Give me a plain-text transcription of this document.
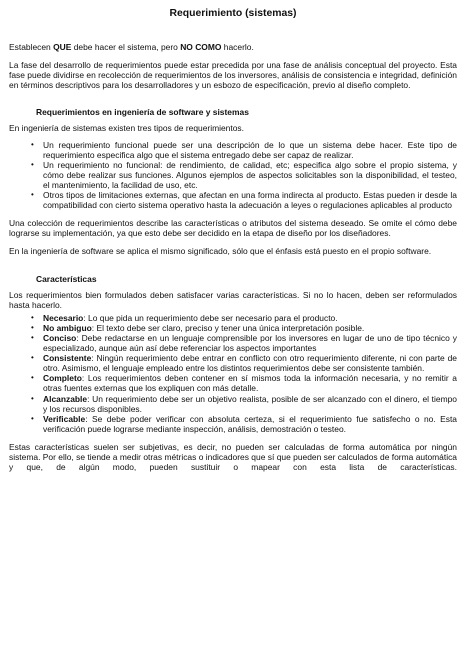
Requerimiento (sistemas)

Establecen QUE debe hacer el sistema, pero NO COMO hacerlo.

La fase del desarrollo de requerimientos puede estar precedida por una fase de análisis conceptual del proyecto. Esta fase puede dividirse en recolección de requerimientos de los inversores, análisis de consistencia e integridad, definición en términos descriptivos para los desarrolladores y un esbozo de especificación, previo al diseño completo.

Requerimientos en ingeniería de software y sistemas

En ingeniería de sistemas existen tres tipos de requerimientos.

• Un requerimiento funcional puede ser una descripción de lo que un sistema debe hacer. Este tipo de requerimiento especifica algo que el sistema entregado debe ser capaz de realizar.
• Un requerimiento no funcional: de rendimiento, de calidad, etc; especifica algo sobre el propio sistema, y cómo debe realizar sus funciones. Algunos ejemplos de aspectos solicitables son la disponibilidad, el testeo, el mantenimiento, la facilidad de uso, etc.
• Otros tipos de limitaciones externas, que afectan en una forma indirecta al producto. Estas pueden ir desde la compatibilidad con cierto sistema operativo hasta la adecuación a leyes o regulaciones aplicables al producto

Una colección de requerimientos describe las características o atributos del sistema deseado. Se omite el cómo debe lograrse su implementación, ya que esto debe ser decidido en la etapa de diseño por los diseñadores.

En la ingeniería de software se aplica el mismo significado, sólo que el énfasis está puesto en el propio software.

Características

Los requerimientos bien formulados deben satisfacer varias características. Si no lo hacen, deben ser reformulados hasta hacerlo.

• Necesario: Lo que pida un requerimiento debe ser necesario para el producto.
• No ambiguo: El texto debe ser claro, preciso y tener una única interpretación posible.
• Conciso: Debe redactarse en un lenguaje comprensible por los inversores en lugar de uno de tipo técnico y especializado, aunque aún así debe referenciar los aspectos importantes
• Consistente: Ningún requerimiento debe entrar en conflicto con otro requerimiento diferente, ni con parte de otro. Asimismo, el lenguaje empleado entre los distintos requerimientos debe ser consistente también.
• Completo: Los requerimientos deben contener en sí mismos toda la información necesaria, y no remitir a otras fuentes externas que los expliquen con más detalle.
• Alcanzable: Un requerimiento debe ser un objetivo realista, posible de ser alcanzado con el dinero, el tiempo y los recursos disponibles.
• Verificable: Se debe poder verificar con absoluta certeza, si el requerimiento fue satisfecho o no. Esta verificación puede lograrse mediante inspección, análisis, demostración o testeo.

Estas características suelen ser subjetivas, es decir, no pueden ser calculadas de forma automática por ningún sistema. Por ello, se tiende a medir otras métricas o indicadores que sí que pueden ser calculados de forma automática y que, de algún modo, pueden sustituir o mapear con esta lista de características.
